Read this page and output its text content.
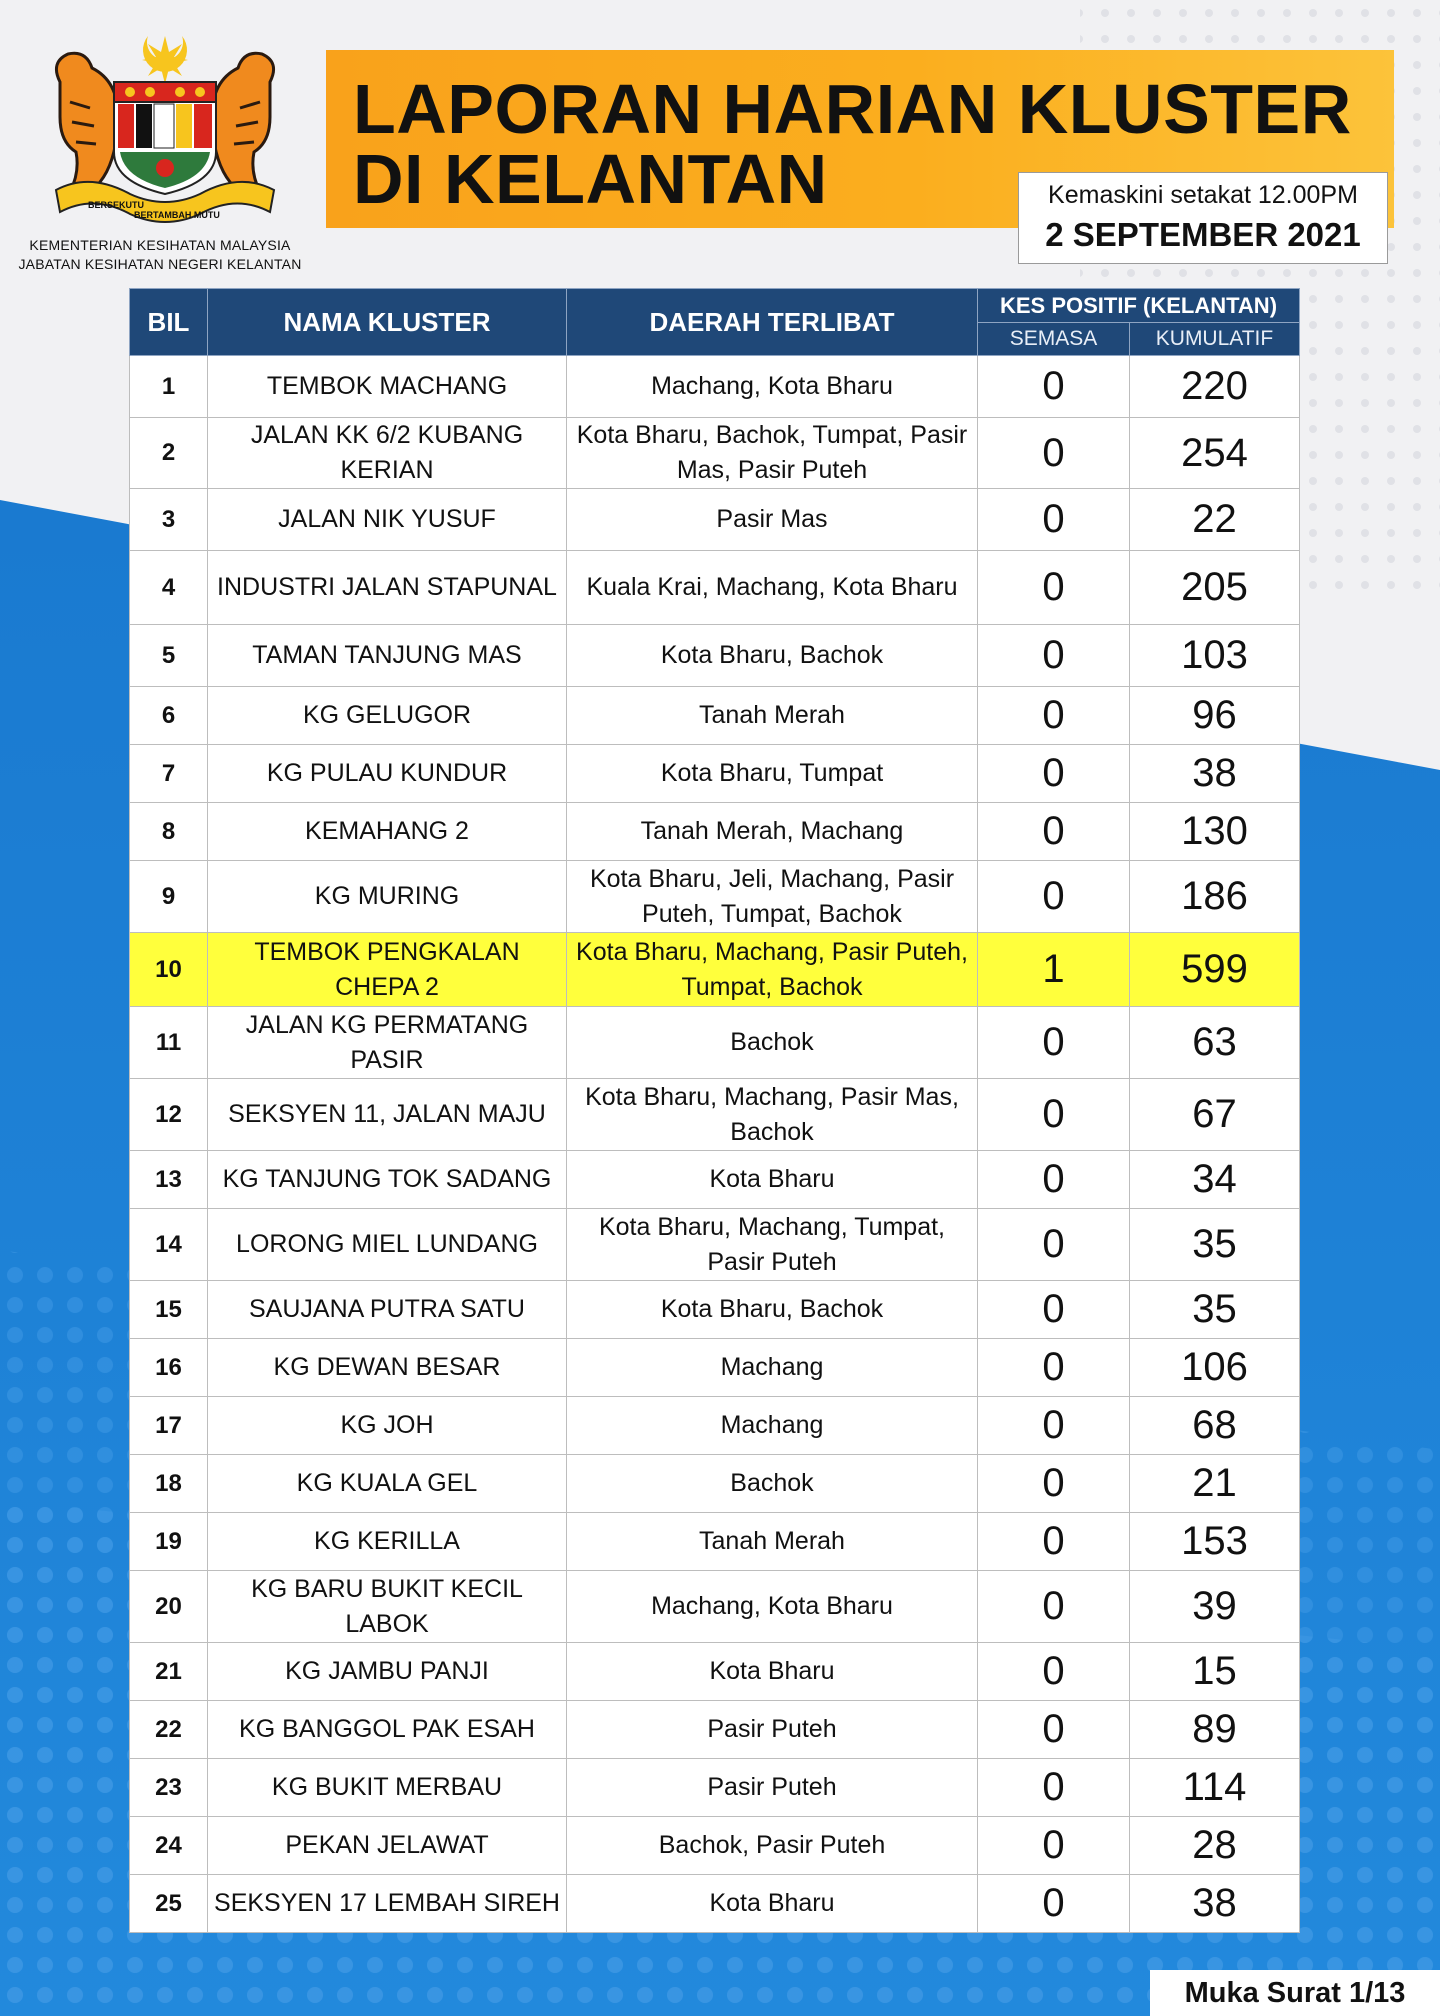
BERSEKUTU
BERTAMBAH MUTU
KEMENTERIAN KESIHATAN MALAYSIA
JABATAN KESIHATAN NEGERI KELANTAN
LAPORAN HARIAN KLUSTER
DI KELANTAN	Kemaskini setakat 12.00PM
2 SEPTEMBER 2021
BIL	NAMA KLUSTER	DAERAH TERLIBAT	KES POSITIF (KELANTAN)	
			SEMASA	KUMULATIF
1	TEMBOK MACHANG	Machang, Kota Bharu	0	220
2	JALAN KK 6/2 KUBANG KERIAN	Kota Bharu, Bachok, Tumpat, Pasir Mas, Pasir Puteh	0	254
3	JALAN NIK YUSUF	Pasir Mas	0	22
4	INDUSTRI JALAN STAPUNAL	Kuala Krai, Machang, Kota Bharu	0	205
5	TAMAN TANJUNG MAS	Kota Bharu, Bachok	0	103
6	KG GELUGOR	Tanah Merah	0	96
7	KG PULAU KUNDUR	Kota Bharu, Tumpat	0	38
8	KEMAHANG 2	Tanah Merah, Machang	0	130
9	KG MURING	Kota Bharu, Jeli, Machang, Pasir Puteh, Tumpat, Bachok	0	186
10	TEMBOK PENGKALAN CHEPA 2	Kota Bharu, Machang, Pasir Puteh, Tumpat, Bachok	1	599
11	JALAN KG PERMATANG PASIR	Bachok	0	63
12	SEKSYEN 11, JALAN MAJU	Kota Bharu, Machang, Pasir Mas, Bachok	0	67
13	KG TANJUNG TOK SADANG	Kota Bharu	0	34
14	LORONG MIEL LUNDANG	Kota Bharu, Machang, Tumpat, Pasir Puteh	0	35
15	SAUJANA PUTRA SATU	Kota Bharu, Bachok	0	35
16	KG DEWAN BESAR	Machang	0	106
17	KG JOH	Machang	0	68
18	KG KUALA GEL	Bachok	0	21
19	KG KERILLA	Tanah Merah	0	153
20	KG BARU BUKIT KECIL LABOK	Machang, Kota Bharu	0	39
21	KG JAMBU PANJI	Kota Bharu	0	15
22	KG BANGGOL PAK ESAH	Pasir Puteh	0	89
23	KG BUKIT MERBAU	Pasir Puteh	0	114
24	PEKAN JELAWAT	Bachok, Pasir Puteh	0	28
25	SEKSYEN 17 LEMBAH SIREH	Kota Bharu	0	38
Muka Surat 1/13
